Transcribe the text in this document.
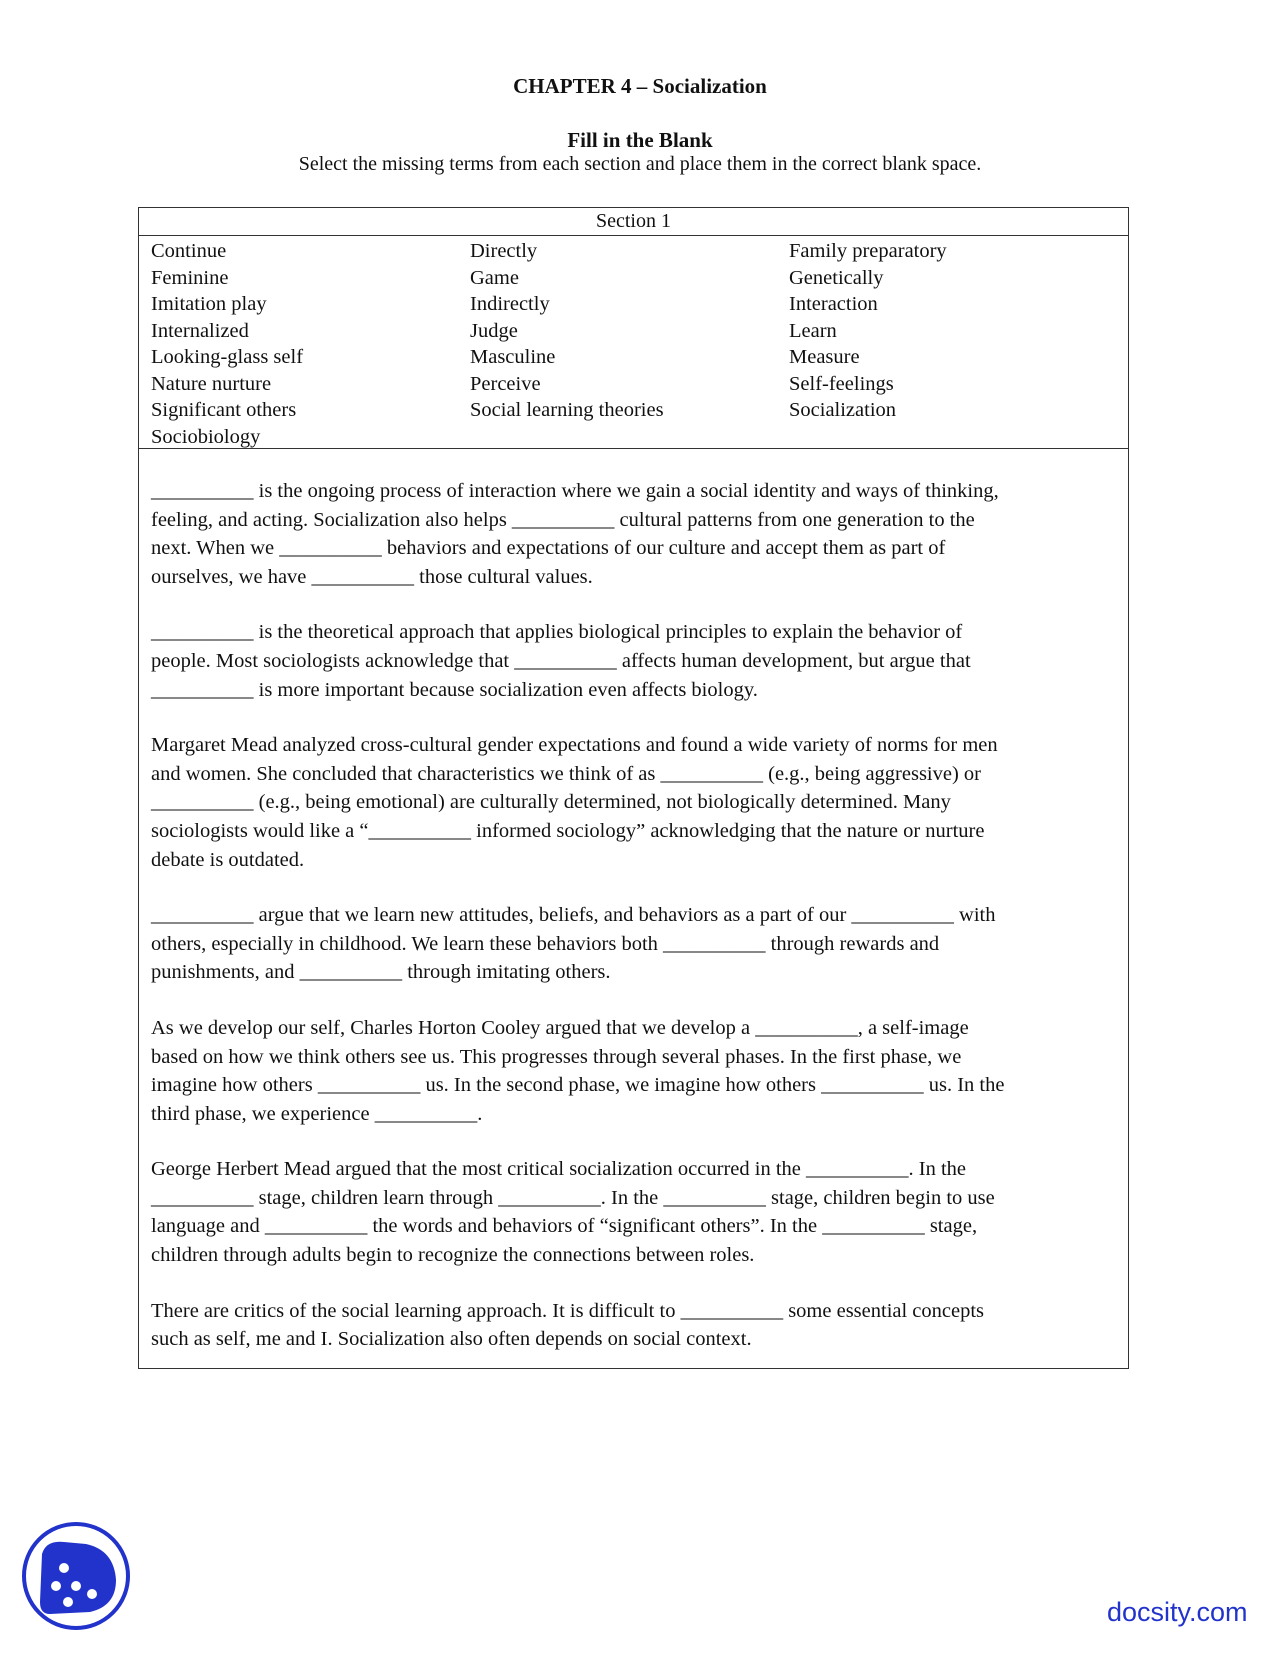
CHAPTER 4 – Socialization
Fill in the Blank
Select the missing terms from each section and place them in the correct blank space.
Section 1
Continue
Feminine
Imitation play
Internalized
Looking-glass self
Nature nurture
Significant others
Sociobiology
Directly
Game
Indirectly
Judge
Masculine
Perceive
Social learning theories
Family preparatory
Genetically
Interaction
Learn
Measure
Self-feelings
Socialization
__________ is the ongoing process of interaction where we gain a social identity and ways of thinking,
feeling, and acting. Socialization also helps __________ cultural patterns from one generation to the
next. When we __________ behaviors and expectations of our culture and accept them as part of
ourselves, we have __________ those cultural values.
__________ is the theoretical approach that applies biological principles to explain the behavior of
people. Most sociologists acknowledge that __________ affects human development, but argue that
__________ is more important because socialization even affects biology.
Margaret Mead analyzed cross-cultural gender expectations and found a wide variety of norms for men
and women. She concluded that characteristics we think of as __________ (e.g., being aggressive) or
__________ (e.g., being emotional) are culturally determined, not biologically determined. Many
sociologists would like a “__________ informed sociology” acknowledging that the nature or nurture
debate is outdated.
__________ argue that we learn new attitudes, beliefs, and behaviors as a part of our __________ with
others, especially in childhood. We learn these behaviors both __________ through rewards and
punishments, and __________ through imitating others.
As we develop our self, Charles Horton Cooley argued that we develop a __________, a self-image
based on how we think others see us. This progresses through several phases. In the first phase, we
imagine how others __________ us. In the second phase, we imagine how others __________ us. In the
third phase, we experience __________.
George Herbert Mead argued that the most critical socialization occurred in the __________. In the
__________ stage, children learn through __________. In the __________ stage, children begin to use
language and __________ the words and behaviors of “significant others”. In the __________ stage,
children through adults begin to recognize the connections between roles.
There are critics of the social learning approach. It is difficult to __________ some essential concepts
such as self, me and I. Socialization also often depends on social context.
docsity.com
